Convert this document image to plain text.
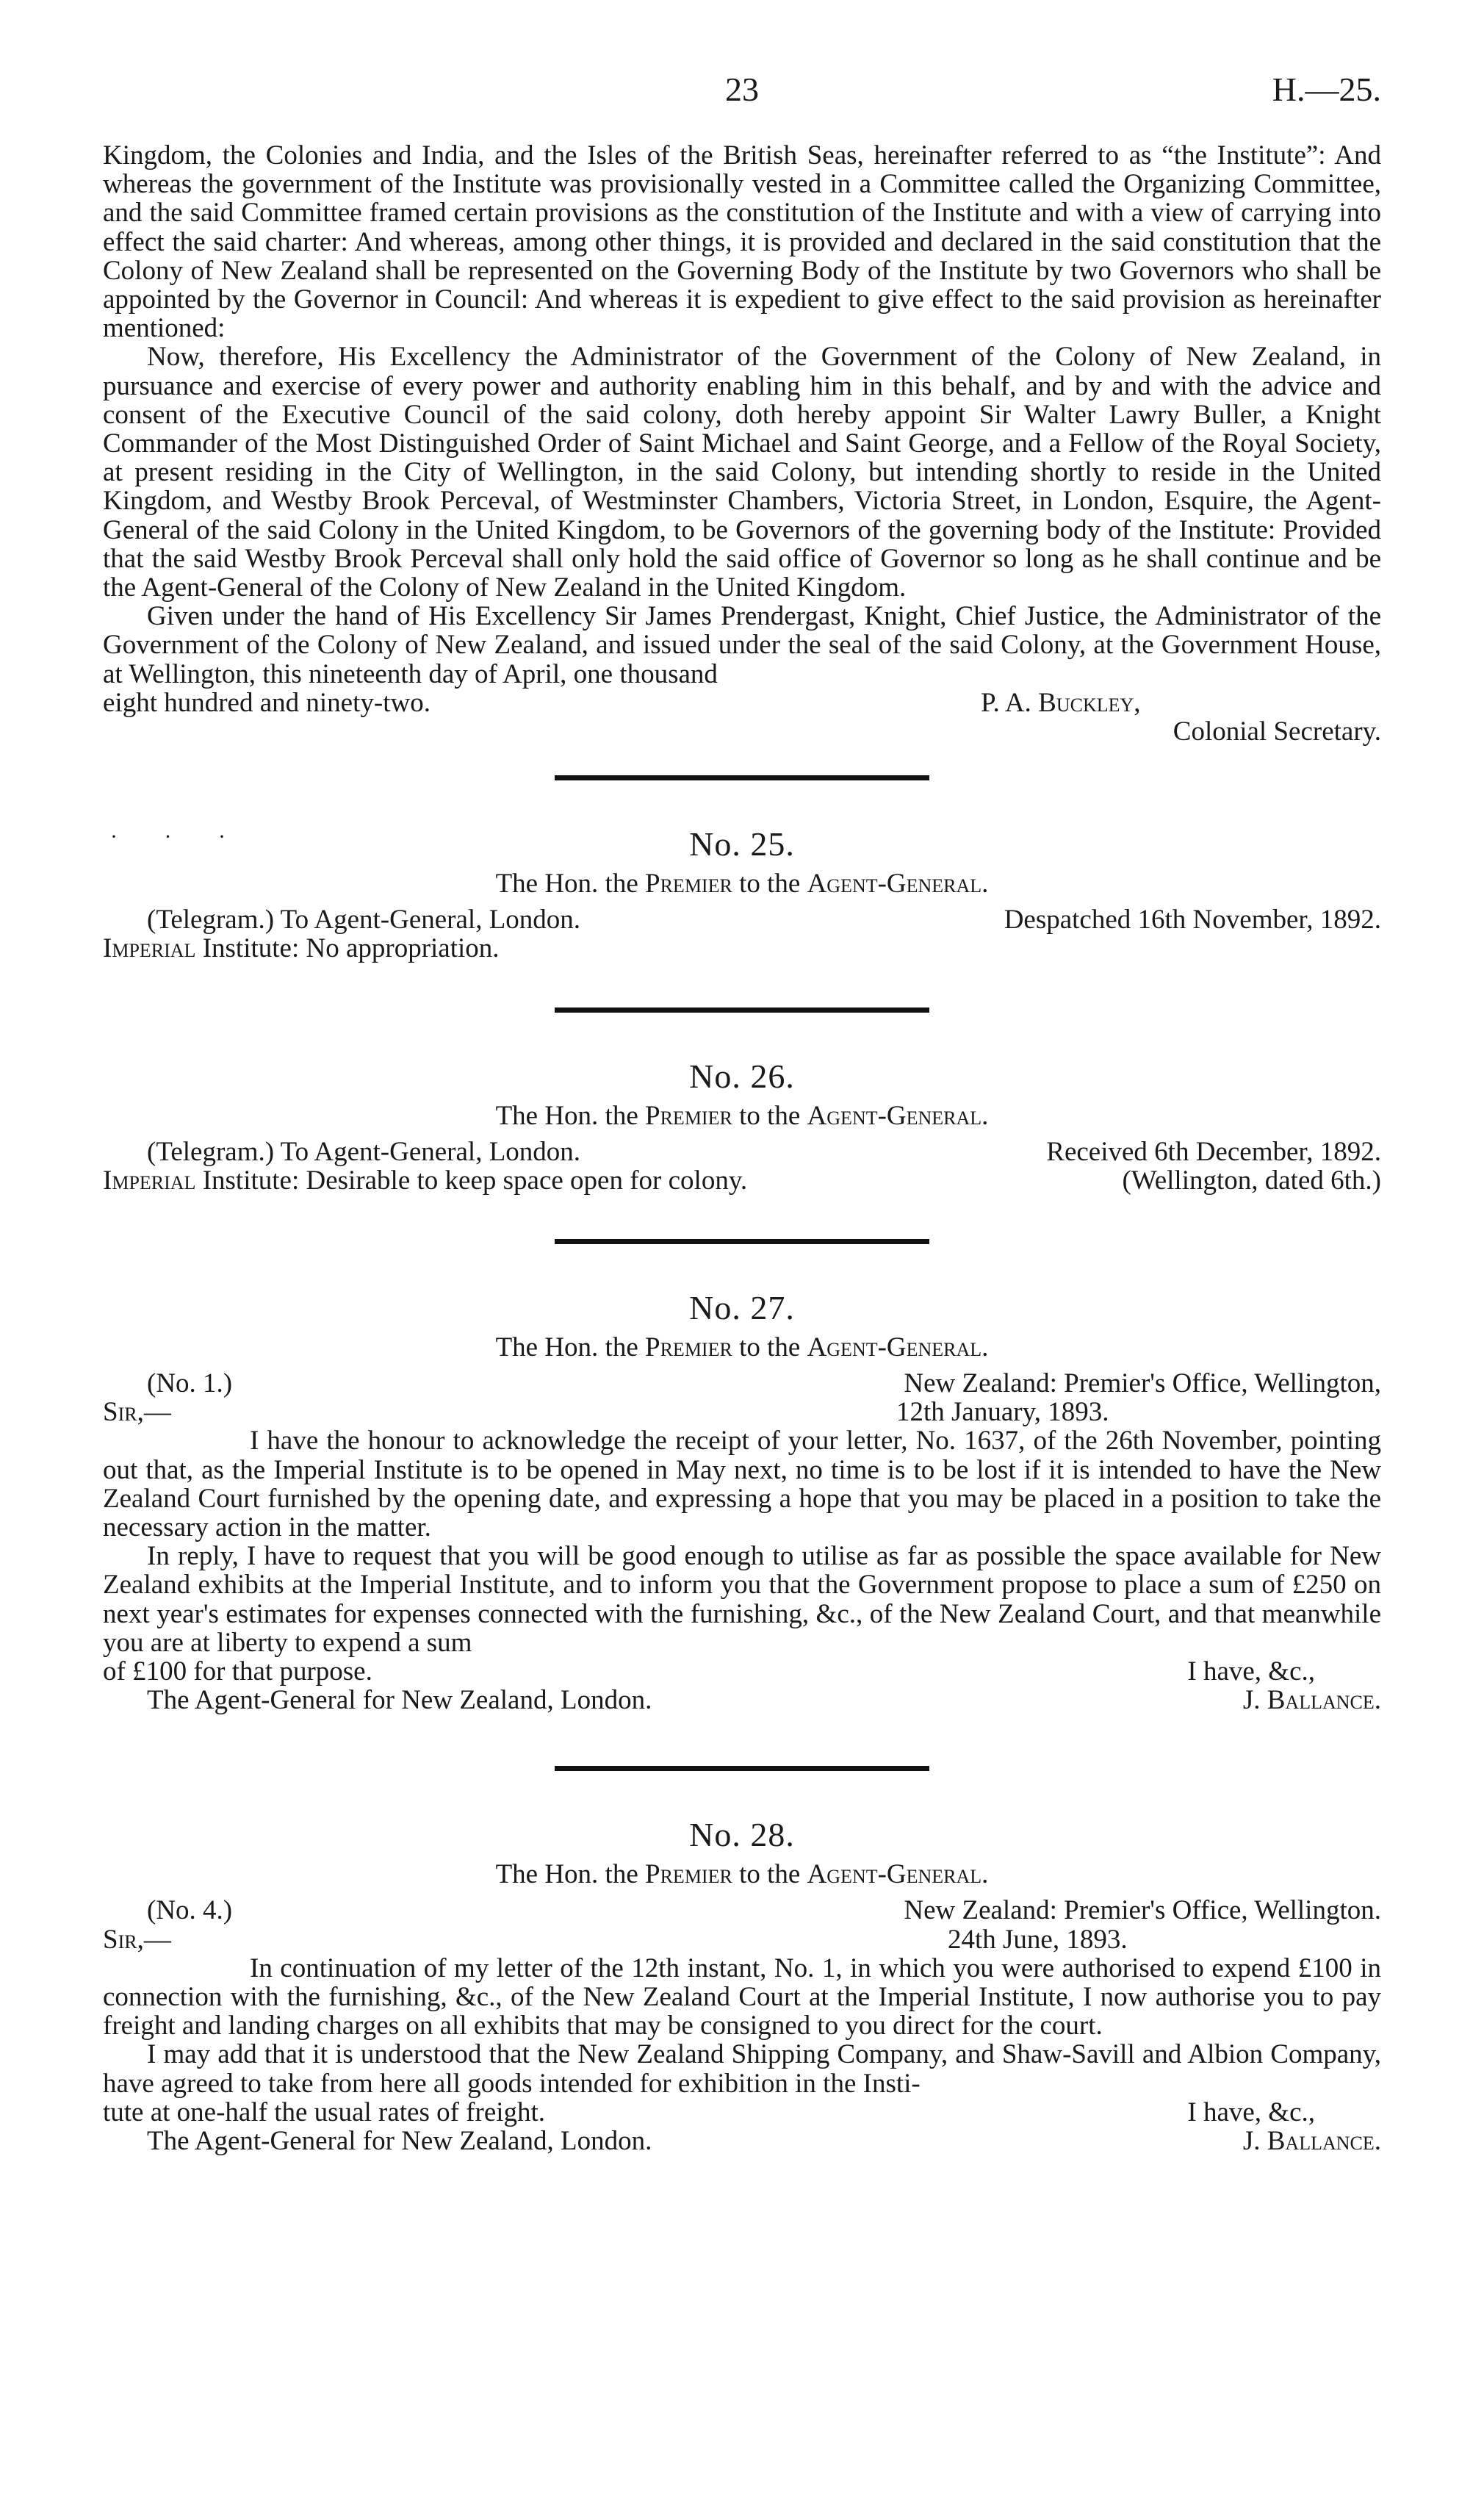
23	H.—25.

Kingdom, the Colonies and India, and the Isles of the British Seas, hereinafter referred to as “the Institute”: And whereas the government of the Institute was provisionally vested in a Committee called the Organizing Committee, and the said Committee framed certain provisions as the constitution of the Institute and with a view of carrying into effect the said charter: And whereas, among other things, it is provided and declared in the said constitution that the Colony of New Zealand shall be represented on the Governing Body of the Institute by two Governors who shall be appointed by the Governor in Council: And whereas it is expedient to give effect to the said provision as hereinafter mentioned:

Now, therefore, His Excellency the Administrator of the Government of the Colony of New Zealand, in pursuance and exercise of every power and authority enabling him in this behalf, and by and with the advice and consent of the Executive Council of the said colony, doth hereby appoint Sir Walter Lawry Buller, a Knight Commander of the Most Distinguished Order of Saint Michael and Saint George, and a Fellow of the Royal Society, at present residing in the City of Wellington, in the said Colony, but intending shortly to reside in the United Kingdom, and Westby Brook Perceval, of Westminster Chambers, Victoria Street, in London, Esquire, the Agent-General of the said Colony in the United Kingdom, to be Governors of the governing body of the Institute: Provided that the said Westby Brook Perceval shall only hold the said office of Governor so long as he shall continue and be the Agent-General of the Colony of New Zealand in the United Kingdom.

Given under the hand of His Excellency Sir James Prendergast, Knight, Chief Justice, the Administrator of the Government of the Colony of New Zealand, and issued under the seal of the said Colony, at the Government House, at Wellington, this nineteenth day of April, one thousand

eight hundred and ninety-two.	P. A. Buckley,
Colonial Secretary.
· · ·	No. 25.

The Hon. the Premier to the Agent-General.

(Telegram.) To Agent-General, London.	Despatched 16th November, 1892.
Imperial Institute: No appropriation.

No. 26.

The Hon. the Premier to the Agent-General.

(Telegram.) To Agent-General, London.	Received 6th December, 1892.
Imperial Institute: Desirable to keep space open for colony.	(Wellington, dated 6th.)

No. 27.

The Hon. the Premier to the Agent-General.

(No. 1.)	New Zealand: Premier's Office, Wellington,
Sir,—	12th January, 1893.

I have the honour to acknowledge the receipt of your letter, No. 1637, of the 26th November, pointing out that, as the Imperial Institute is to be opened in May next, no time is to be lost if it is intended to have the New Zealand Court furnished by the opening date, and expressing a hope that you may be placed in a position to take the necessary action in the matter.

In reply, I have to request that you will be good enough to utilise as far as possible the space available for New Zealand exhibits at the Imperial Institute, and to inform you that the Government propose to place a sum of £250 on next year's estimates for expenses connected with the furnishing, &c., of the New Zealand Court, and that meanwhile you are at liberty to expend a sum

of £100 for that purpose.	I have, &c.,
The Agent-General for New Zealand, London.	J. Ballance.

No. 28.

The Hon. the Premier to the Agent-General.

(No. 4.)	New Zealand: Premier's Office, Wellington.
Sir,—	24th June, 1893.

In continuation of my letter of the 12th instant, No. 1, in which you were authorised to expend £100 in connection with the furnishing, &c., of the New Zealand Court at the Imperial Institute, I now authorise you to pay freight and landing charges on all exhibits that may be consigned to you direct for the court.

I may add that it is understood that the New Zealand Shipping Company, and Shaw-Savill and Albion Company, have agreed to take from here all goods intended for exhibition in the Insti-

tute at one-half the usual rates of freight.	I have, &c.,
The Agent-General for New Zealand, London.	J. Ballance.
